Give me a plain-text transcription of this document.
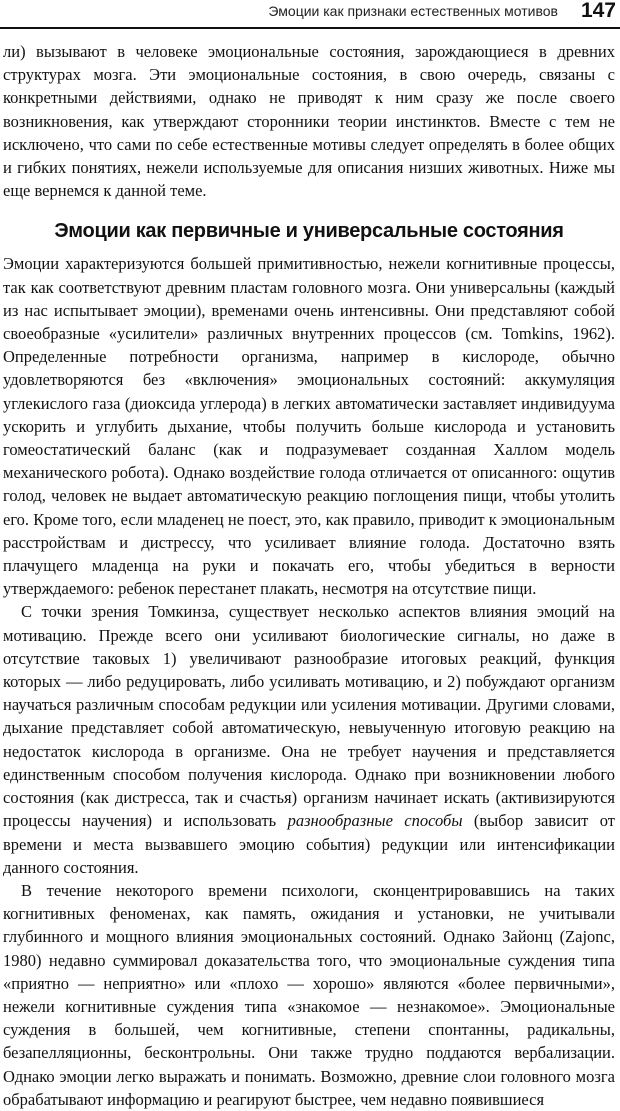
Эмоции как признаки естественных мотивов 147

ли) вызывают в человеке эмоциональные состояния, зарождающиеся в древних структурах мозга. Эти эмоциональные состояния, в свою очередь, связаны с конкретными действиями, однако не приводят к ним сразу же после своего возникновения, как утверждают сторонники теории инстинктов. Вместе с тем не исключено, что сами по себе естественные мотивы следует определять в более общих и гибких понятиях, нежели используемые для описания низших животных. Ниже мы еще вернемся к данной теме.

Эмоции как первичные и универсальные состояния

Эмоции характеризуются большей примитивностью, нежели когнитивные процессы, так как соответствуют древним пластам головного мозга. Они универсальны (каждый из нас испытывает эмоции), временами очень интенсивны. Они представляют собой своеобразные «усилители» различных внутренних процессов (см. Tomkins, 1962). Определенные потребности организма, например в кислороде, обычно удовлетворяются без «включения» эмоциональных состояний: аккумуляция углекислого газа (диоксида углерода) в легких автоматически заставляет индивидуума ускорить и углубить дыхание, чтобы получить больше кислорода и установить гомеостатический баланс (как и подразумевает созданная Халлом модель механического робота). Однако воздействие голода отличается от описанного: ощутив голод, человек не выдает автоматическую реакцию поглощения пищи, чтобы утолить его. Кроме того, если младенец не поест, это, как правило, приводит к эмоциональным расстройствам и дистрессу, что усиливает влияние голода. Достаточно взять плачущего младенца на руки и покачать его, чтобы убедиться в верности утверждаемого: ребенок перестанет плакать, несмотря на отсутствие пищи.

С точки зрения Томкинза, существует несколько аспектов влияния эмоций на мотивацию. Прежде всего они усиливают биологические сигналы, но даже в отсутствие таковых 1) увеличивают разнообразие итоговых реакций, функция которых — либо редуцировать, либо усиливать мотивацию, и 2) побуждают организм научаться различным способам редукции или усиления мотивации. Другими словами, дыхание представляет собой автоматическую, невыученную итоговую реакцию на недостаток кислорода в организме. Она не требует научения и представляется единственным способом получения кислорода. Однако при возникновении любого состояния (как дистресса, так и счастья) организм начинает искать (активизируются процессы научения) и использовать разнообразные способы (выбор зависит от времени и места вызвавшего эмоцию события) редукции или интенсификации данного состояния.

В течение некоторого времени психологи, сконцентрировавшись на таких когнитивных феноменах, как память, ожидания и установки, не учитывали глубинного и мощного влияния эмоциональных состояний. Однако Зайонц (Zajonc, 1980) недавно суммировал доказательства того, что эмоциональные суждения типа «приятно — неприятно» или «плохо — хорошо» являются «более первичными», нежели когнитивные суждения типа «знакомое — незнакомое». Эмоциональные суждения в большей, чем когнитивные, степени спонтанны, радикальны, безапелляционны, бесконтрольны. Они также трудно поддаются вербализации. Однако эмоции легко выражать и понимать. Возможно, древние слои головного мозга обрабатывают информацию и реагируют быстрее, чем недавно появившиеся
